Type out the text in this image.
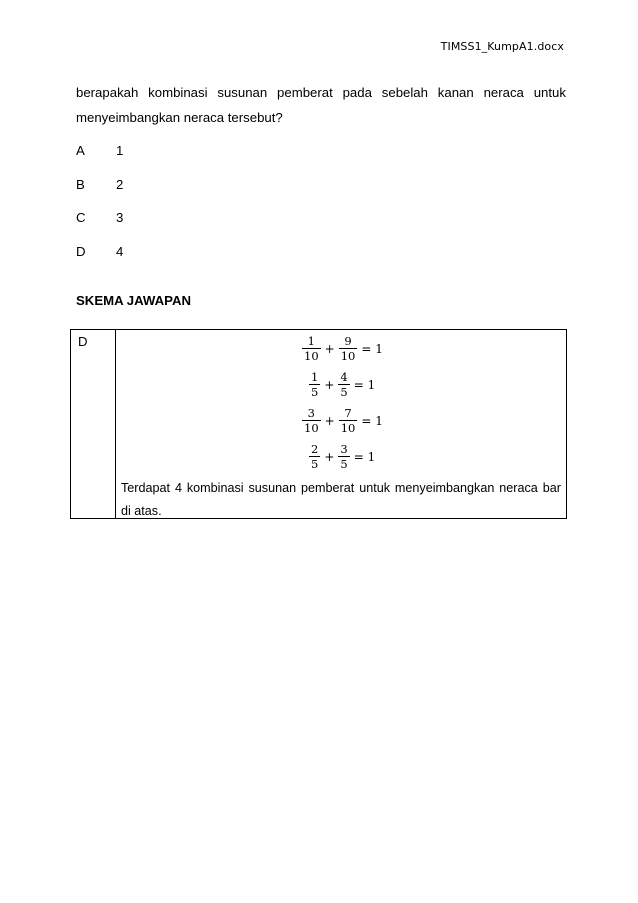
TIMSS1_KumpA1.docx
berapakah kombinasi susunan pemberat pada sebelah kanan neraca untuk
menyeimbangkan neraca tersebut?
A	1
B	2
C	3
D	4
SKEMA JAWAPAN
D	$\frac{1}{10} + \frac{9}{10} = 1$
$\frac{1}{5} + \frac{4}{5} = 1$
$\frac{3}{10} + \frac{7}{10} = 1$
$\frac{2}{5} + \frac{3}{5} = 1$
Terdapat 4 kombinasi susunan pemberat untuk menyeimbangkan neraca bar
di atas.
